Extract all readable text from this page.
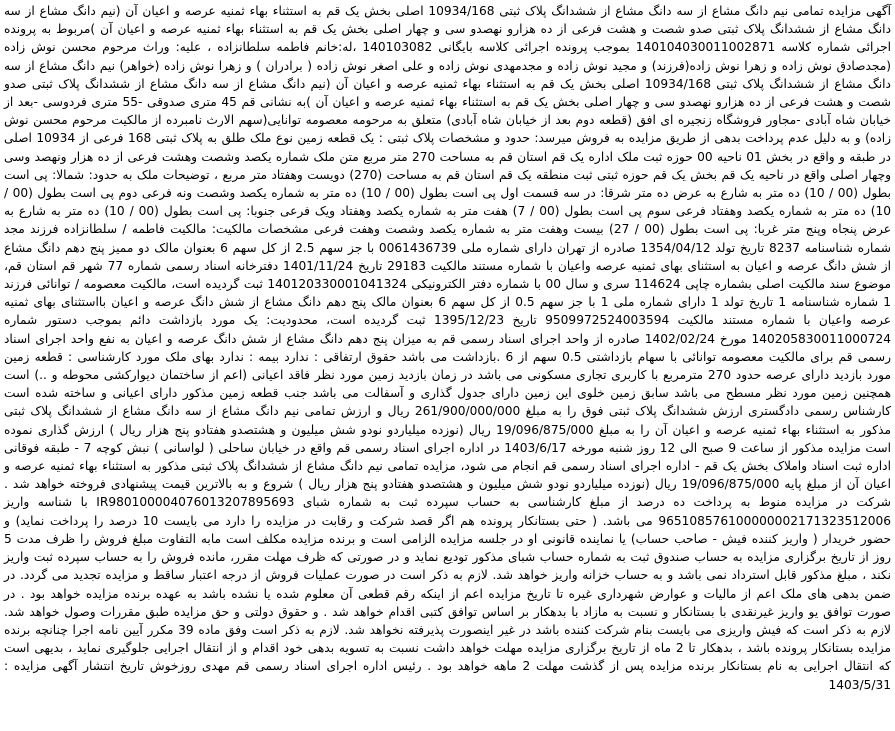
آگهی مزایده تمامی نیم دانگ مشاع از سه دانگ مشاع از ششدانگ پلاک ثبتی 10934/168 اصلی بخش یک قم به استثناء بهاء ثمنیه عرصه و اعیان آن (نیم دانگ مشاع از سه دانگ مشاع از ششدانگ پلاک ثبتی صدو شصت و هشت فرعی از ده هزارو نهصدو سی و چهار اصلی بخش یک قم به استثناء بهاء ثمنیه عرصه و اعیان آن )مربوط به پرونده اجرائی شماره کلاسه 140104030011002871 بموجب پرونده اجرائی کلاسه بایگانی 140103082 ،له:خانم فاطمه سلطانزاده ، علیه: وراث مرحوم محسن نوش زاده (مجدصادق نوش زاده و زهرا نوش زاده(فرزند) و مجید نوش زاده و مجدمهدی نوش زاده و علی اصغر نوش زاده ( برادران ) و زهرا نوش زاده (خواهر) نیم دانگ مشاع از سه دانگ مشاع از ششدانگ پلاک ثبتی 10934/168 اصلی بخش یک قم به استثناء بهاء ثمنیه عرصه و اعیان آن (نیم دانگ مشاع از سه دانگ مشاع از ششدانگ پلاک ثبتی صدو شصت و هشت فرعی از ده هزارو نهصدو سی و چهار اصلی بخش یک قم به استثناء بهاء ثمنیه عرصه و اعیان آن )به نشانی قم 45 متری صدوقی -55 متری فردوسی -بعد از خیابان شاه آبادی -مجاور فروشگاه زنجیره ای افق (قطعه دوم بعد از خیابان شاه آبادی) متعلق به مرحومه معصومه توانایی(سهم الارث نامبرده از مالکیت مرحوم محسن نوش زاده) و به دلیل عدم پرداخت بدهی از طریق مزایده به فروش میرسد: حدود و مشخصات پلاک ثبتی : یک قطعه زمین نوع ملک طلق به پلاک ثبتی 168 فرعی از 10934 اصلی در طبقه و واقع در بخش 01 ناحیه 00 حوزه ثبت ملک اداره یک قم استان قم به مساحت 270 متر مربع متن ملک شماره یکصد وشصت وهشت فرعی از ده هزار ونهصد وسی وچهار اصلی واقع در ناحیه یک قم بخش یک قم حوزه ثبتی ثبت منطقه یک قم استان قم به مساحت (270) دویست وهفتاد متر مربع ، توضیحات ملک به حدود: شمالا: پی است بطول (00 / 10) ده متر به شارع به عرض ده متر شرقا: در سه قسمت اول پی است بطول (00 / 10) ده متر به شماره یکصد وشصت ونه فرعی دوم پی است بطول (00 / 10) ده متر به شماره یکصد وهفتاد فرعی سوم پی است بطول (00 / 7) هفت متر به شماره یکصد وهفتاد ویک فرعی جنوبا: پی است بطول (00 / 10) ده متر به شارع به عرض پنجاه وپنج متر غربا: پی است بطول (00 / 27) بیست وهفت متر به شماره یکصد وشصت وهفت فرعی مشخصات مالکیت: مالکیت فاطمه / سلطانزاده فرزند مجد شماره شناسنامه 8237 تاریخ تولد 1354/04/12 صادره از تهران دارای شماره ملی 0061436739 با جز سهم 2.5 از کل سهم 6 بعنوان مالک دو ممیز پنج دهم دانگ مشاع از شش دانگ عرصه و اعیان به استثنای بهای ثمنیه عرصه واعیان با شماره مستند مالکیت 29183 تاریخ 1401/11/24 دفترخانه اسناد رسمی شماره 77 شهر قم استان قم، موضوع سند مالکیت اصلی بشماره چاپی 114624 سری و سال 00 با شماره دفتر الکترونیکی 140120330001041324 ثبت گردیده است، مالکیت معصومه / توانائی فرزند 1 شماره شناسنامه 1 تاریخ تولد 1 دارای شماره ملی 1 با جز سهم 0.5 از کل سهم 6 بعنوان مالک پنج دهم دانگ مشاع از شش دانگ عرصه و اعیان بااستثنای بهای ثمنیه عرصه واعیان با شماره مستند مالکیت 9509972524003594 تاریخ 1395/12/23 ثبت گردیده است، محدودیت: یک مورد بازداشت دائم بموجب دستور شماره 140205830011000724 مورخ 1402/02/24 صادره از واحد اجرای اسناد رسمی قم به میزان پنج دهم دانگ مشاع از شش دانگ عرصه و اعیان به نفع واحد اجرای اسناد رسمی قم برای مالکیت معصومه توانائی با سهام بازداشتی 0.5 سهم از 6 .بازداشت می باشد حقوق ارتفاقی : ندارد بیمه : ندارد بهای ملک مورد کارشناسی : قطعه زمین مورد بازدید دارای عرصه حدود 270 مترمربع با کاربری تجاری مسکونی می باشد در زمان بازدید زمین مورد نظر فاقد اعیانی (اعم از ساختمان دیوارکشی محوطه و ..) است همچنین زمین مورد نظر مسطح می باشد سابق زمین خلوی این زمین دارای جدول گذاری و آسفالت می باشد جنب قطعه زمین مذکور دارای اعیانی و ساخته شده است کارشناس رسمی دادگستری ارزش ششدانگ پلاک ثبتی فوق را به مبلغ 261/900/000/000 ریال و ارزش تمامی نیم دانگ مشاع از سه دانگ مشاع از ششدانگ پلاک ثبتی مذکور به استثناء بهاء ثمنیه عرصه و اعیان آن را به مبلغ 19/096/875/000 ریال (نوزده میلیاردو نودو شش میلیون و هشتصدو هفتادو پنج هزار ریال ) ارزش گذاری نموده است مزایده مذکور از ساعت 9 صبح الی 12 روز شنبه مورخه 1403/6/17 در اداره اجرای اسناد رسمی قم واقع در خیابان ساحلی ( لواسانی ) نبش کوچه 7 - طبقه فوقانی اداره ثبت اسناد واملاک بخش یک قم - اداره اجرای اسناد رسمی قم انجام می شود، مزایده تمامی نیم دانگ مشاع از ششدانگ پلاک ثبتی مذکور به استثناء بهاء ثمنیه عرصه و اعیان آن از مبلغ پایه 19/096/875/000 ریال (نوزده میلیاردو نودو شش میلیون و هشتصدو هفتادو پنج هزار ریال ) شروع و به بالاترین قیمت پیشنهادی فروخته خواهد شد . شرکت در مزایده منوط به پرداخت ده درصد از مبلغ کارشناسی به حساب سپرده ثبت به شماره شبای IR980100004076013207895693 با شناسه واریز 965108576100000002171323512006 می باشد. ( حتی بستانکار پرونده هم اگر قصد شرکت و رقابت در مزایده را دارد می بایست 10 درصد را پرداخت نماید) و حضور خریدار ( واریز کننده فیش - صاحب حساب) یا نماینده قانونی او در جلسه مزایده الزامی است و برنده مزایده مکلف است مابه التفاوت مبلغ فروش را ظرف مدت 5 روز از تاریخ برگزاری مزایده به حساب صندوق ثبت به شماره حساب شبای مذکور تودیع نماید و در صورتی که ظرف مهلت مقرر، مانده فروش را به حساب سپرده ثبت واریز نکند ، مبلغ مذکور قابل استرداد نمی باشد و به حساب خزانه واریز خواهد شد. لازم به ذکر است در صورت عملیات فروش از درجه اعتبار ساقط و مزایده تجدید می گردد. در ضمن بدهی های ملک اعم از مالیات و عوارض شهرداری غیره تا تاریخ مزایده اعم از اینکه رقم قطعی آن معلوم شده یا نشده باشد به عهده برنده مزایده خواهد بود . در صورت توافق یو واریز غیرنقدی با بستانکار و نسبت به مازاد با بدهکار بر اساس توافق کتبی اقدام خواهد شد . و حقوق دولتی و حق مزایده طبق مقررات وصول خواهد شد. لازم به ذکر است که فیش واریزی می بایست بنام شرکت کننده باشد در غیر اینصورت پذیرفته نخواهد شد. لازم به ذکر است وفق ماده 39 مکرر آیین نامه اجرا چنانچه برنده مزایده بستانکار پرونده باشد ، بدهکار تا 2 ماه از تاریخ برگزاری مزایده مهلت خواهد داشت نسبت به تسویه بدهی خود اقدام و از انتقال اجرایی جلوگیری نماید ، بدیهی است که انتقال اجرایی به نام بستانکار برنده مزایده پس از گذشت مهلت 2 ماهه خواهد بود . رئیس اداره اجرای اسناد رسمی قم مهدی روزخوش تاریخ انتشار آگهی مزایده : 1403/5/31
